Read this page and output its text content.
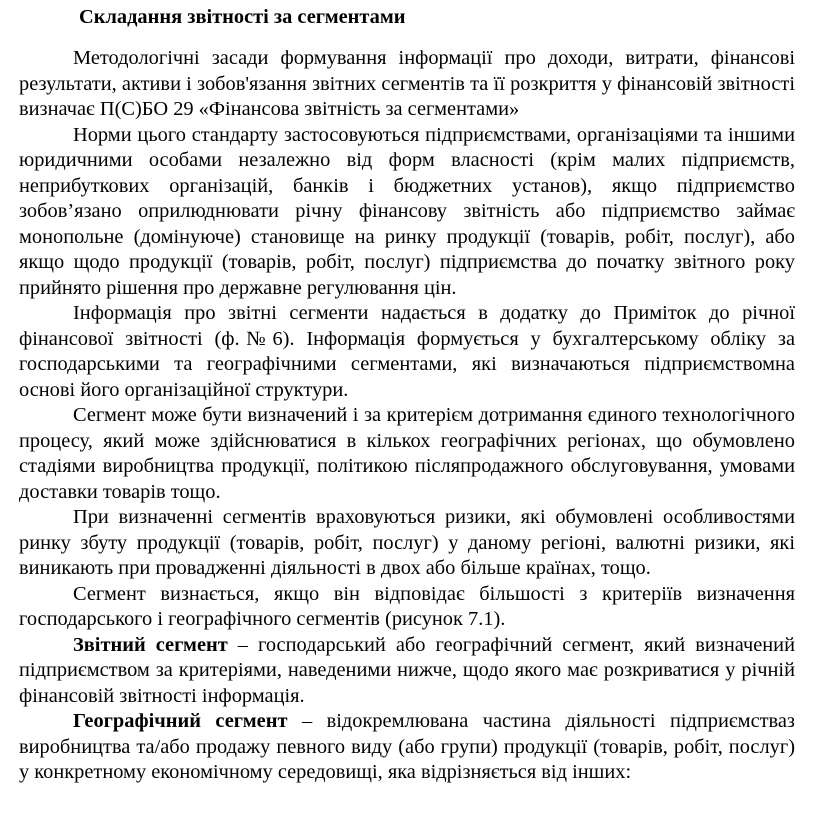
Складання звітності за сегментами

Методологічні засади формування інформації про доходи, витрати, фінансові результати, активи і зобов'язання звітних сегментів та її розкриття у фінансовій звітності визначає П(С)БО 29 «Фінансова звітність за сегментами»

Норми цього стандарту застосовуються підприємствами, організаціями та іншими юридичними особами незалежно від форм власності (крім малих підприємств, неприбуткових організацій, банків і бюджетних установ), якщо підприємство зобов’язано оприлюднювати річну фінансову звітність або підприємство займає монопольне (домінуюче) становище на ринку продукції (товарів, робіт, послуг), або якщо щодо продукції (товарів, робіт, послуг) підприємства до початку звітного року прийнято рішення про державне регулювання цін.

Інформація про звітні сегменти надається в додатку до Приміток до річної фінансової звітності (ф.№6). Інформація формується у бухгалтерському обліку за господарськими та географічними сегментами, які визначаються підприємствомна основі його організаційної структури.

Сегмент може бути визначений і за критерієм дотримання єдиного технологічного процесу, який може здійснюватися в кількох географічних регіонах, що обумовлено стадіями виробництва продукції, політикою післяпродажного обслуговування, умовами доставки товарів тощо.

При визначенні сегментів враховуються ризики, які обумовлені особливостями ринку збуту продукції (товарів, робіт, послуг) у даному регіоні, валютні ризики, які виникають при провадженні діяльності в двох або більше країнах, тощо.

Сегмент визнається, якщо він відповідає більшості з критеріїв визначення господарського і географічного сегментів (рисунок 7.1).

Звітний сегмент – господарський або географічний сегмент, який визначений підприємством за критеріями, наведеними нижче, щодо якого має розкриватися у річній фінансовій звітності інформація.

Географічний сегмент – відокремлювана частина діяльності підприємстваз виробництва та/або продажу певного виду (або групи) продукції (товарів, робіт, послуг) у конкретному економічному середовищі, яка відрізняється від інших:
